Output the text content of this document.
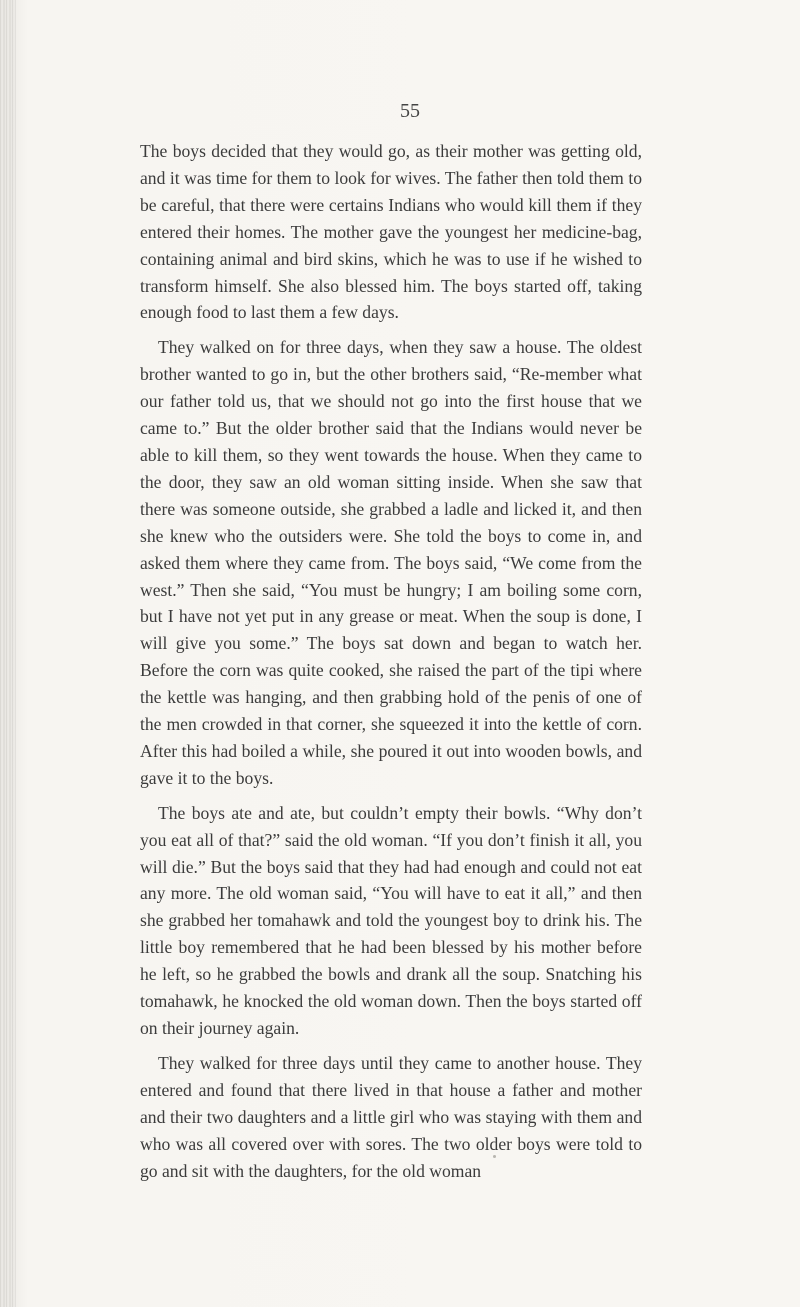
55

The boys decided that they would go, as their mother was getting old, and it was time for them to look for wives. The father then told them to be careful, that there were certains Indians who would kill them if they entered their homes. The mother gave the youngest her medicine-bag, containing animal and bird skins, which he was to use if he wished to transform himself. She also blessed him. The boys started off, taking enough food to last them a few days.

They walked on for three days, when they saw a house. The oldest brother wanted to go in, but the other brothers said, “Re-member what our father told us, that we should not go into the first house that we came to.” But the older brother said that the Indians would never be able to kill them, so they went towards the house. When they came to the door, they saw an old woman sitting inside. When she saw that there was someone outside, she grabbed a ladle and licked it, and then she knew who the outsiders were. She told the boys to come in, and asked them where they came from. The boys said, “We come from the west.” Then she said, “You must be hungry; I am boiling some corn, but I have not yet put in any grease or meat. When the soup is done, I will give you some.” The boys sat down and began to watch her. Before the corn was quite cooked, she raised the part of the tipi where the kettle was hanging, and then grabbing hold of the penis of one of the men crowded in that corner, she squeezed it into the kettle of corn. After this had boiled a while, she poured it out into wooden bowls, and gave it to the boys.

The boys ate and ate, but couldn’t empty their bowls. “Why don’t you eat all of that?” said the old woman. “If you don’t finish it all, you will die.” But the boys said that they had had enough and could not eat any more. The old woman said, “You will have to eat it all,” and then she grabbed her tomahawk and told the youngest boy to drink his. The little boy remembered that he had been blessed by his mother before he left, so he grabbed the bowls and drank all the soup. Snatching his tomahawk, he knocked the old woman down. Then the boys started off on their journey again.

They walked for three days until they came to another house. They entered and found that there lived in that house a father and mother and their two daughters and a little girl who was staying with them and who was all covered over with sores. The two older boys were told to go and sit with the daughters, for the old woman
